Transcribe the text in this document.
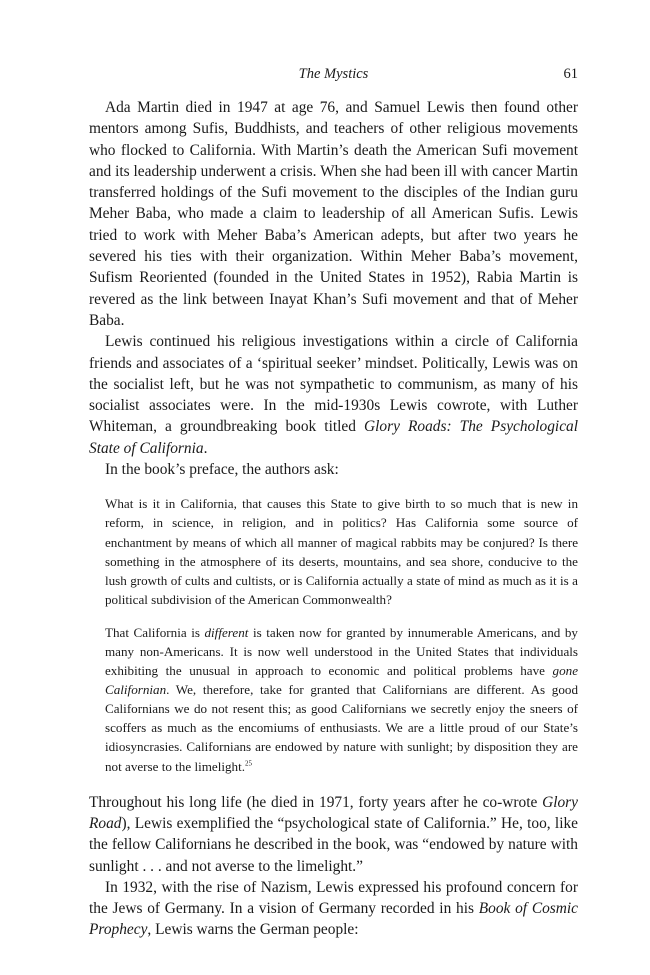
The Mystics	61

Ada Martin died in 1947 at age 76, and Samuel Lewis then found other mentors among Sufis, Buddhists, and teachers of other religious movements who flocked to California. With Martin’s death the American Sufi movement and its leadership underwent a crisis. When she had been ill with cancer Martin transferred holdings of the Sufi movement to the disciples of the Indian guru Meher Baba, who made a claim to leadership of all American Sufis. Lewis tried to work with Meher Baba’s American adepts, but after two years he severed his ties with their organization. Within Meher Baba’s movement, Sufism Reoriented (founded in the United States in 1952), Rabia Martin is revered as the link between Inayat Khan’s Sufi movement and that of Meher Baba.

Lewis continued his religious investigations within a circle of California friends and associates of a ‘spiritual seeker’ mindset. Politically, Lewis was on the socialist left, but he was not sympathetic to communism, as many of his socialist associates were. In the mid-1930s Lewis cowrote, with Luther Whiteman, a groundbreaking book titled Glory Roads: The Psychological State of California.

In the book’s preface, the authors ask:

What is it in California, that causes this State to give birth to so much that is new in reform, in science, in religion, and in politics? Has California some source of enchantment by means of which all manner of magical rabbits may be conjured? Is there something in the atmosphere of its deserts, mountains, and sea shore, conducive to the lush growth of cults and cultists, or is California actually a state of mind as much as it is a political subdivision of the American Commonwealth?

That California is different is taken now for granted by innumerable Americans, and by many non-Americans. It is now well understood in the United States that individuals exhibiting the unusual in approach to economic and political problems have gone Californian. We, therefore, take for granted that Californians are different. As good Californians we do not resent this; as good Californians we secretly enjoy the sneers of scoffers as much as the encomiums of enthusiasts. We are a little proud of our State’s idiosyncrasies. Californians are endowed by nature with sunlight; by disposition they are not averse to the limelight.$^{25}$

Throughout his long life (he died in 1971, forty years after he co-wrote Glory Road), Lewis exemplified the “psychological state of California.” He, too, like the fellow Californians he described in the book, was “endowed by nature with sunlight . . . and not averse to the limelight.”

In 1932, with the rise of Nazism, Lewis expressed his profound concern for the Jews of Germany. In a vision of Germany recorded in his Book of Cosmic Prophecy, Lewis warns the German people:
